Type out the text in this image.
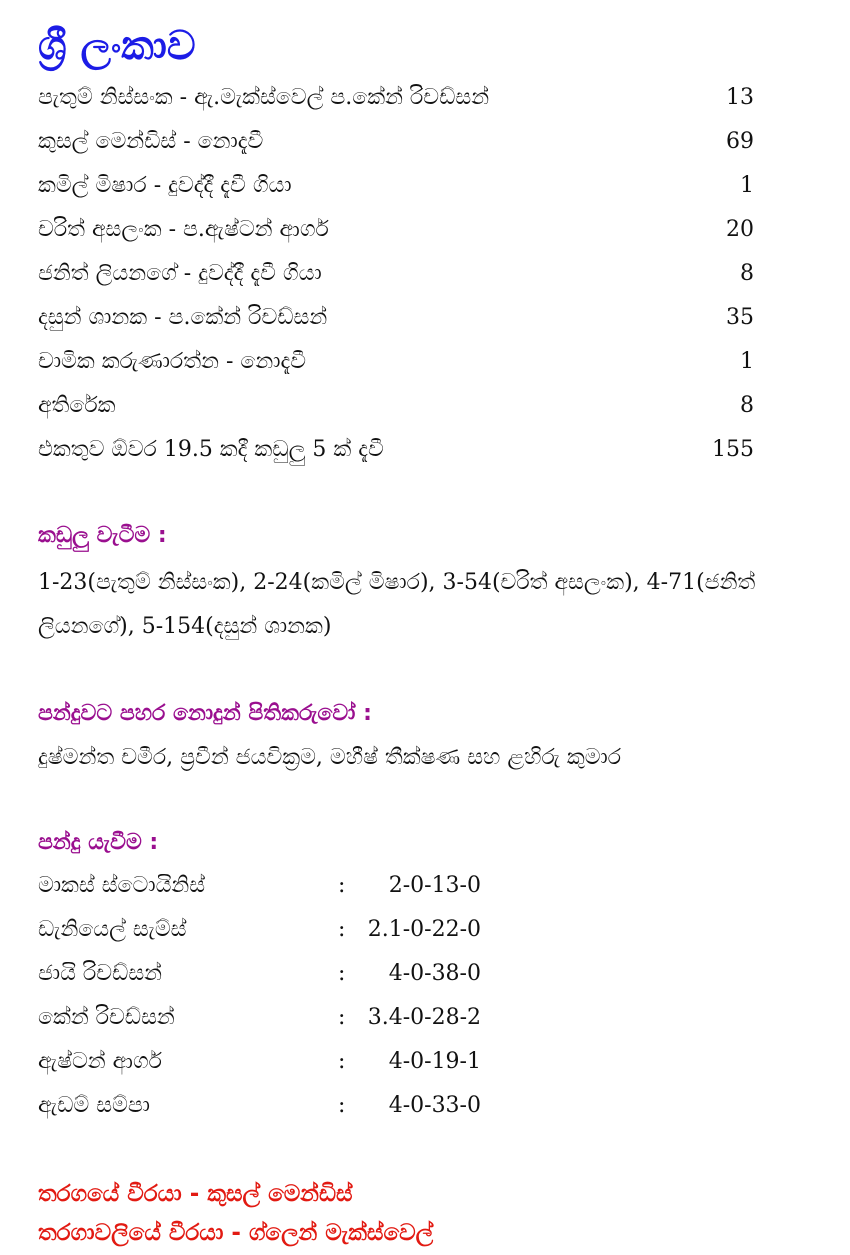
ශ්‍රී ලංකාව
පැතුම් නිස්සංක - ඇ.මැක්ස්වෙල් ප.කේන් රිචඩ්සන්	13
කුසල් මෙන්ඩිස් - නොදැවී	69
කමිල් මිෂාර - දුවද්දී දැවී ගියා	1
චරිත් අසලංක - ප.ඇෂ්ටන් ආගර්	20
ජනිත් ලියනගේ - දුවද්දී දැවී ගියා	8
දසුන් ශානක - ප.කේන් රිචඩ්සන්	35
චාමික කරුණාරත්න - නොදැවී	1
අතිරේක	8
එකතුව ඕවර 19.5 කදී කඩුලු 5 ක් දැවී	155
කඩුලු වැටීම :

1-23(පැතුම් නිස්සංක), 2-24(කමිල් මිෂාර), 3-54(චරිත් අසලංක), 4-71(ජනිත් ලියනගේ), 5-154(දසුන් ශානක)

පන්දුවට පහර නොදුන් පිතිකරුවෝ :

දුෂ්මන්ත චමීර, ප්‍රවීන් ජයවික්‍රම, මහීෂ් තීක්ෂණ සහ ළහිරු කුමාර

පන්දු යැවීම :
මාකස් ස්ටොයිනිස්	:	2-0-13-0
ඩැනියෙල් සැම්ස්	:	2.1-0-22-0
ජායි රිචඩ්සන්	:	4-0-38-0
කේන් රිචඩ්සන්	:	3.4-0-28-2
ඇෂ්ටන් ආගර්	:	4-0-19-1
ඇඩම් සම්පා	:	4-0-33-0

තරගයේ වීරයා - කුසල් මෙන්ඩිස්

තරගාවලියේ වීරයා - ග්ලෙන් මැක්ස්වෙල්
